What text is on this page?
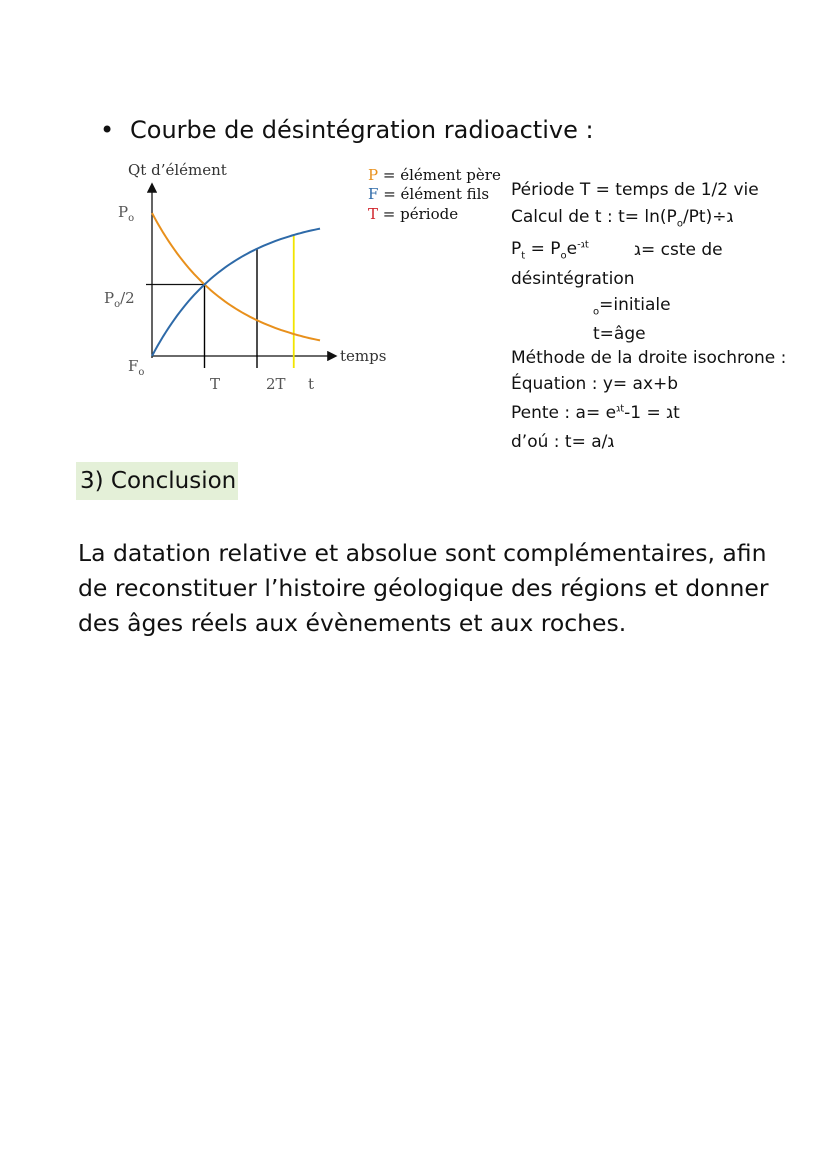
• Courbe de désintégration radioactive :
Qt d’élément
$P_o$
$P_o/2$
$F_o$
temps
T	2T t
P = élément père
F = élément fils
T = période
Période T = temps de 1/2 vie
Calcul de t : $t= \ln(P_o/Pt)\div ג$
$P_t = P_oe^{-גt}$	ג= cste de
désintégration
$_o$=initiale
t=âge
Méthode de la droite isochrone :
Équation : y= ax+b
Pente : $a= e^{גt}-1$ = גt
d’oú : t= a/ג
3) Conclusion

La datation relative et absolue sont complémentaires, afin de reconstituer l’histoire géologique des régions et donner des âges réels aux évènements et aux roches.
